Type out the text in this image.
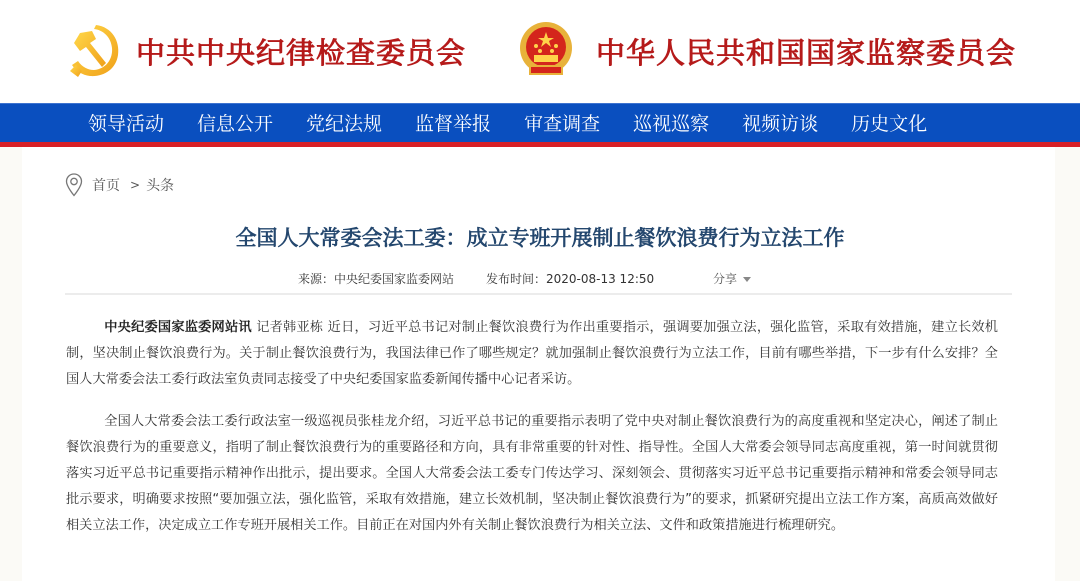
中共中央纪律检查委员会	中华人民共和国国家监察委员会
领导活动 信息公开 党纪法规 监督举报 审查调查 巡视巡察 视频访谈 历史文化
首页 > 头条
全国人大常委会法工委：成立专班开展制止餐饮浪费行为立法工作
来源：中央纪委国家监委网站	发布时间：2020-08-13 12:50	分享

中央纪委国家监委网站讯 记者韩亚栋 近日，习近平总书记对制止餐饮浪费行为作出重要指示，强调要加强立法，强化监管，采取有效措施，建立长效机制，坚决制止餐饮浪费行为。关于制止餐饮浪费行为，我国法律已作了哪些规定？就加强制止餐饮浪费行为立法工作，目前有哪些举措，下一步有什么安排？全国人大常委会法工委行政法室负责同志接受了中央纪委国家监委新闻传播中心记者采访。

全国人大常委会法工委行政法室一级巡视员张桂龙介绍，习近平总书记的重要指示表明了党中央对制止餐饮浪费行为的高度重视和坚定决心，阐述了制止餐饮浪费行为的重要意义，指明了制止餐饮浪费行为的重要路径和方向，具有非常重要的针对性、指导性。全国人大常委会领导同志高度重视，第一时间就贯彻落实习近平总书记重要指示精神作出批示，提出要求。全国人大常委会法工委专门传达学习、深刻领会、贯彻落实习近平总书记重要指示精神和常委会领导同志批示要求，明确要求按照“要加强立法，强化监管，采取有效措施，建立长效机制，坚决制止餐饮浪费行为”的要求，抓紧研究提出立法工作方案，高质高效做好相关立法工作，决定成立工作专班开展相关工作。目前正在对国内外有关制止餐饮浪费行为相关立法、文件和政策措施进行梳理研究。
